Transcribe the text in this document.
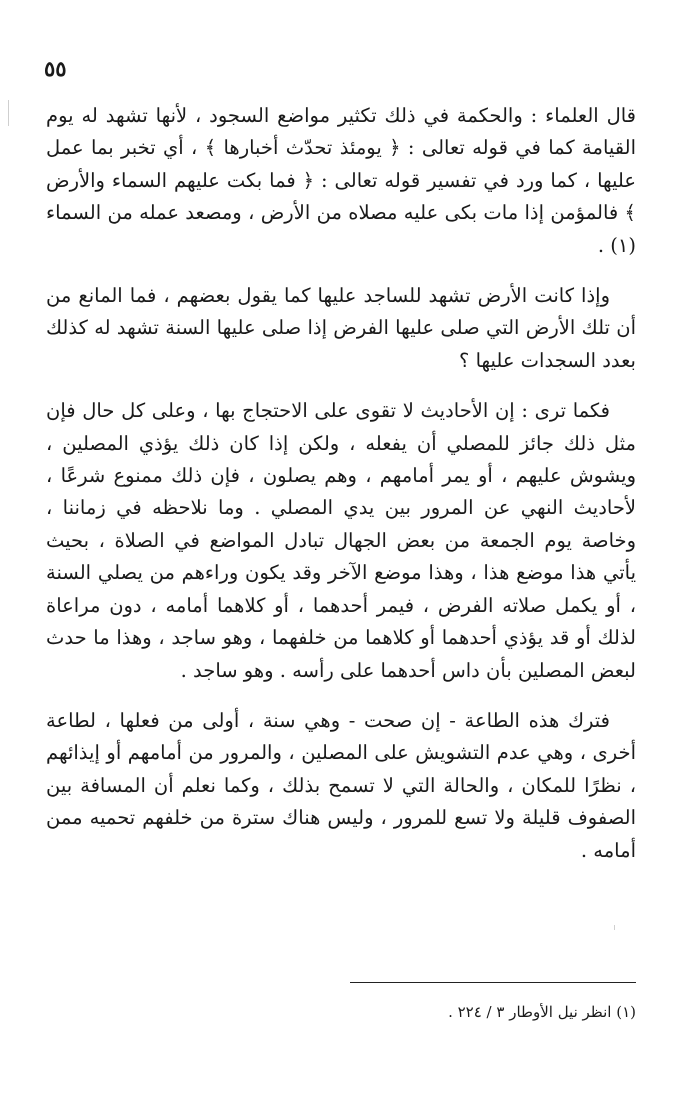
٥٥

قال العلماء : والحكمة في ذلك تكثير مواضع السجود ، لأنها تشهد له يوم القيامة كما في قوله تعالى : ﴿ يومئذ تحدّث أخبارها ﴾ ، أي تخبر بما عمل عليها ، كما ورد في تفسير قوله تعالى : ﴿ فما بكت عليهم السماء والأرض ﴾ فالمؤمن إذا مات بكى عليه مصلاه من الأرض ، ومصعد عمله من السماء (١) .

وإذا كانت الأرض تشهد للساجد عليها كما يقول بعضهم ، فما المانع من أن تلك الأرض التي صلى عليها الفرض إذا صلى عليها السنة تشهد له كذلك بعدد السجدات عليها ؟

فكما ترى : إن الأحاديث لا تقوى على الاحتجاج بها ، وعلى كل حال فإن مثل ذلك جائز للمصلي أن يفعله ، ولكن إذا كان ذلك يؤذي المصلين ، ويشوش عليهم ، أو يمر أمامهم ، وهم يصلون ، فإن ذلك ممنوع شرعًا ، لأحاديث النهي عن المرور بين يدي المصلي . وما نلاحظه في زماننا ، وخاصة يوم الجمعة من بعض الجهال تبادل المواضع في الصلاة ، بحيث يأتي هذا موضع هذا ، وهذا موضع الآخر وقد يكون وراءهم من يصلي السنة ، أو يكمل صلاته الفرض ، فيمر أحدهما ، أو كلاهما أمامه ، دون مراعاة لذلك أو قد يؤذي أحدهما أو كلاهما من خلفهما ، وهو ساجد ، وهذا ما حدث لبعض المصلين بأن داس أحدهما على رأسه . وهو ساجد .

فترك هذه الطاعة - إن صحت - وهي سنة ، أولى من فعلها ، لطاعة أخرى ، وهي عدم التشويش على المصلين ، والمرور من أمامهم أو إيذائهم ، نظرًا للمكان ، والحالة التي لا تسمح بذلك ، وكما نعلم أن المسافة بين الصفوف قليلة ولا تسع للمرور ، وليس هناك سترة من خلفهم تحميه ممن أمامه .

(١) انظر نيل الأوطار ٣ / ٢٢٤ .
